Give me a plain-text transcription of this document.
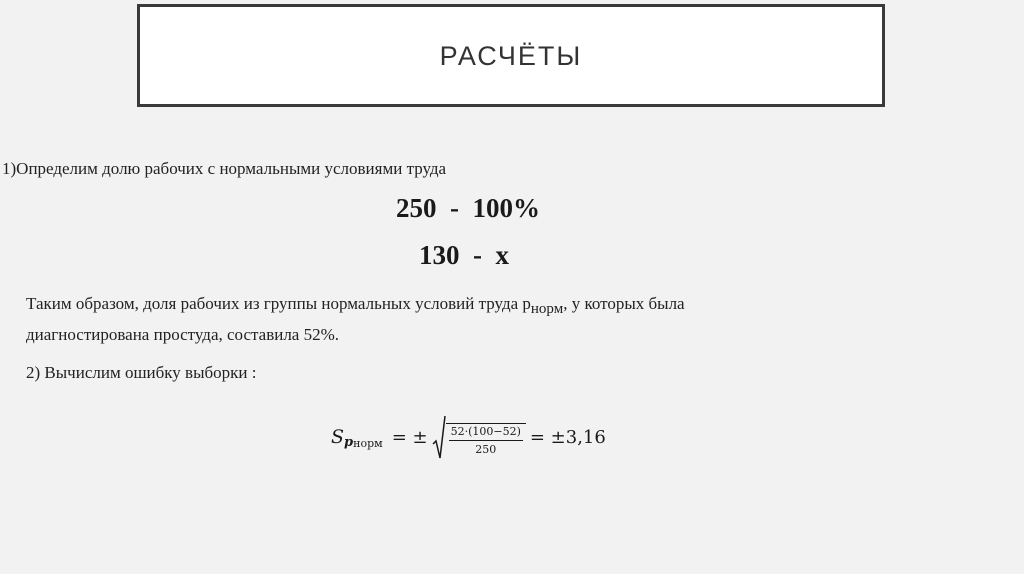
РАСЧЁТЫ
1)Определим долю рабочих с нормальными условиями труда
250  -  100%
130  -  x
Таким образом, доля рабочих из группы нормальных условий труда pнорм, у которых была диагностирована простуда, составила 52%.
2) Вычислим ошибку выборки :
S p норм = ± $\frac{52\cdot(100-52)}{250} = \pm 3,16$
